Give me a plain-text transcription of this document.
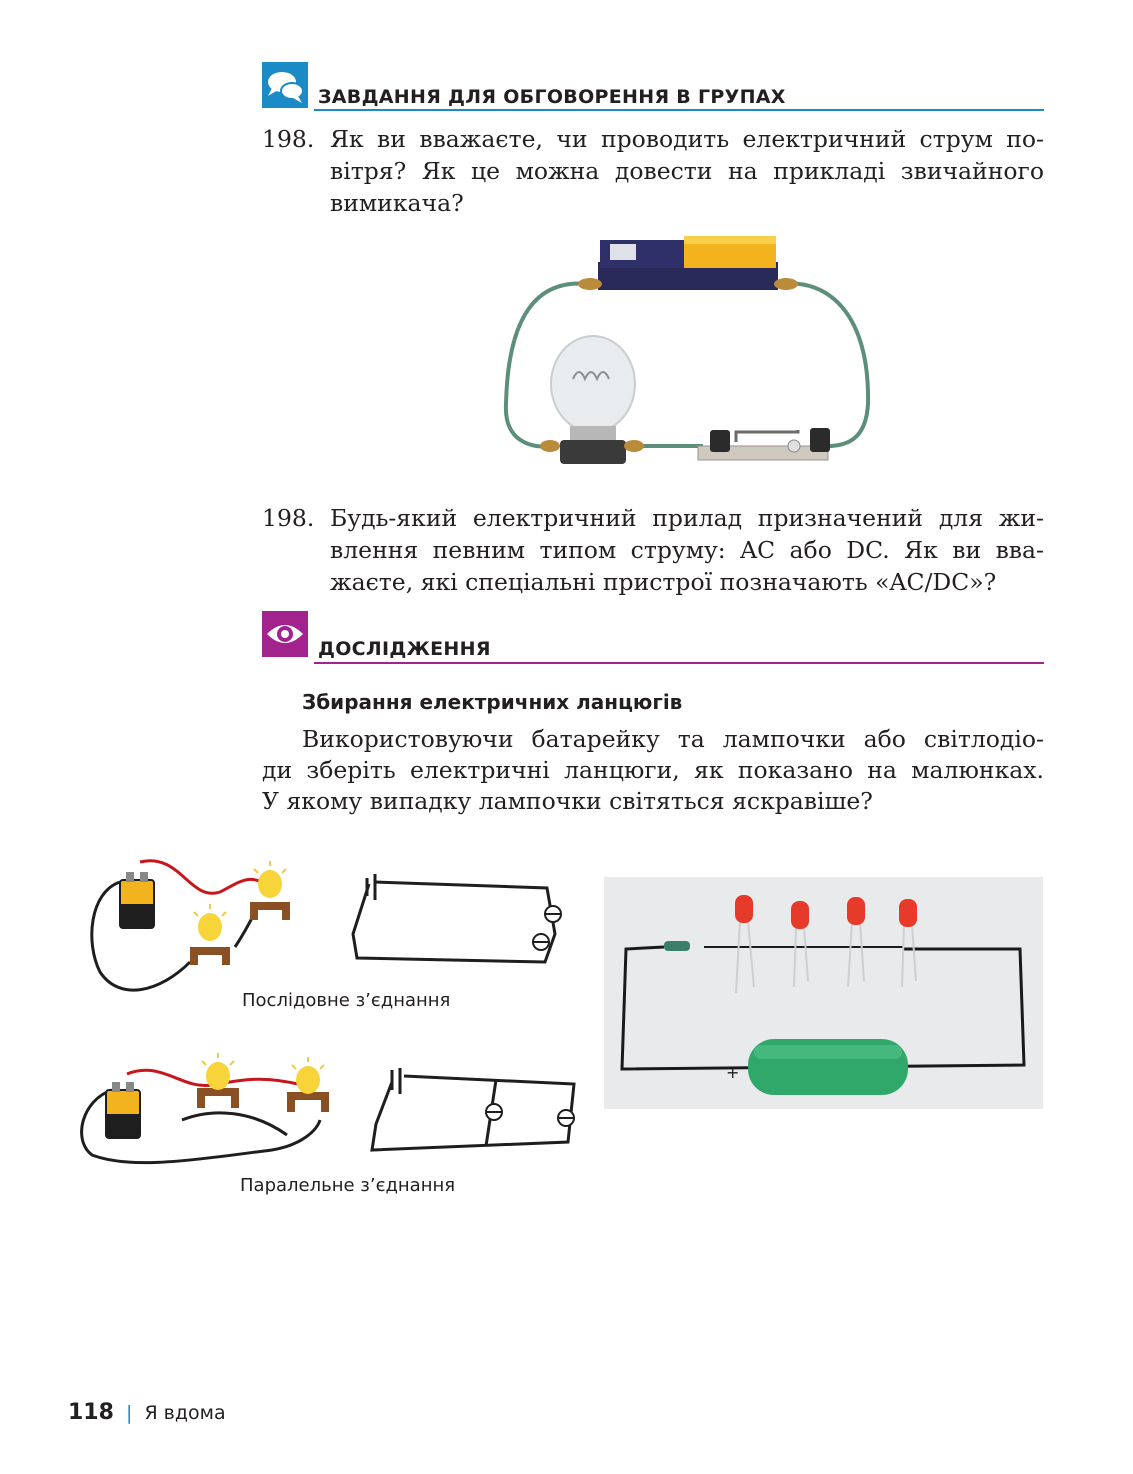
ЗАВДАННЯ ДЛЯ ОБГОВОРЕННЯ В ГРУПАХ
198. Як ви вважаєте, чи проводить електричний струм по-
вітря? Як це можна довести на прикладі звичайного
вимикача?
198. Будь-який електричний прилад призначений для жи-
влення певним типом струму: AC або DC. Як ви вва-
жаєте, які спеціальні пристрої позначають «AC/DC»?
ДОСЛІДЖЕННЯ
Збирання електричних ланцюгів
Використовуючи батарейку та лампочки або світлодіо-
ди зберіть електричні ланцюги, як показано на малюнках.
У якому випадку лампочки світяться яскравіше?
Послідовне з’єднання
Паралельне з’єднання
+
118 | Я вдома
